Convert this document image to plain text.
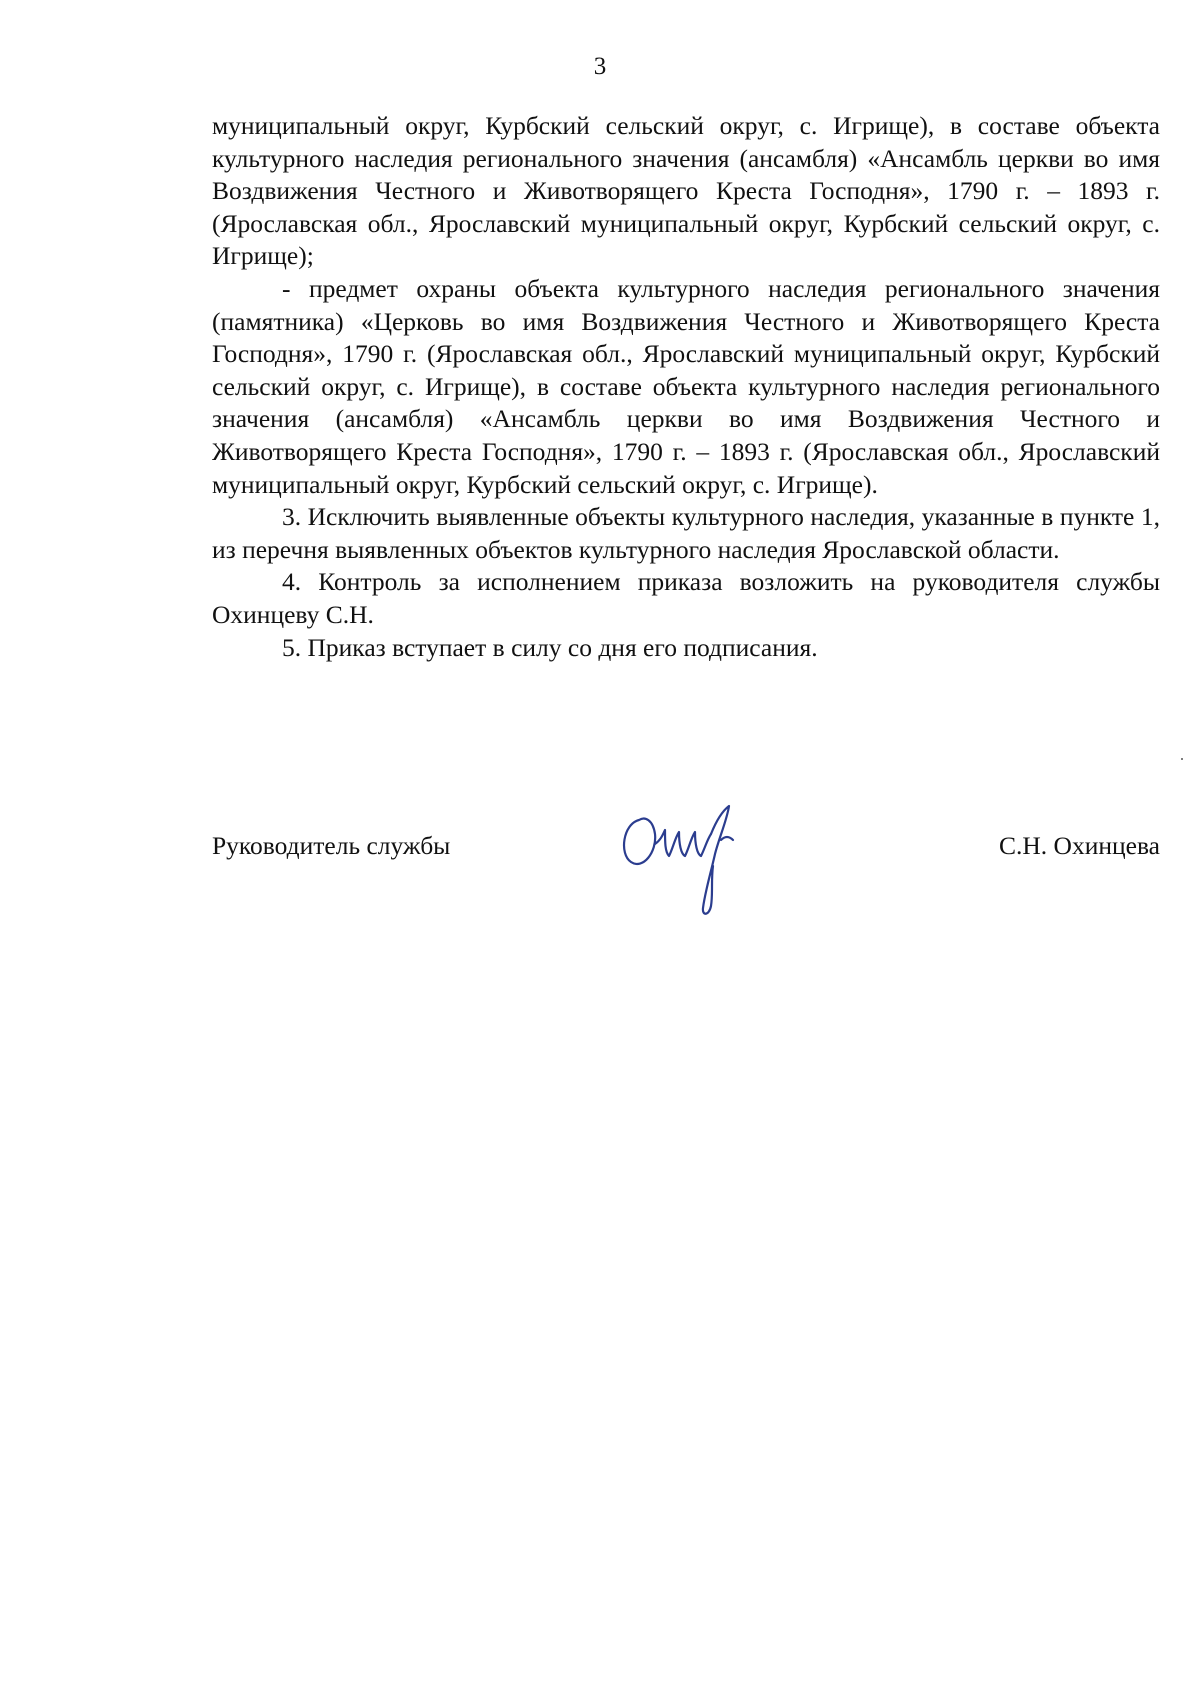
3

муниципальный округ, Курбский сельский округ, с. Игрище), в составе объекта культурного наследия регионального значения (ансамбля) «Ансамбль церкви во имя Воздвижения Честного и Животворящего Креста Господня», 1790 г. – 1893 г. (Ярославская обл., Ярославский муниципальный округ, Курбский сельский округ, с. Игрище);

- предмет охраны объекта культурного наследия регионального значения (памятника) «Церковь во имя Воздвижения Честного и Животворящего Креста Господня», 1790 г. (Ярославская обл., Ярославский муниципальный округ, Курбский сельский округ, с. Игрище), в составе объекта культурного наследия регионального значения (ансамбля) «Ансамбль церкви во имя Воздвижения Честного и Животворящего Креста Господня», 1790 г. – 1893 г. (Ярославская обл., Ярославский муниципальный округ, Курбский сельский округ, с. Игрище).

3. Исключить выявленные объекты культурного наследия, указанные в пункте 1, из перечня выявленных объектов культурного наследия Ярославской области.

4. Контроль за исполнением приказа возложить на руководителя службы Охинцеву С.Н.

5. Приказ вступает в силу со дня его подписания.

Руководитель службы	С.Н. Охинцева
